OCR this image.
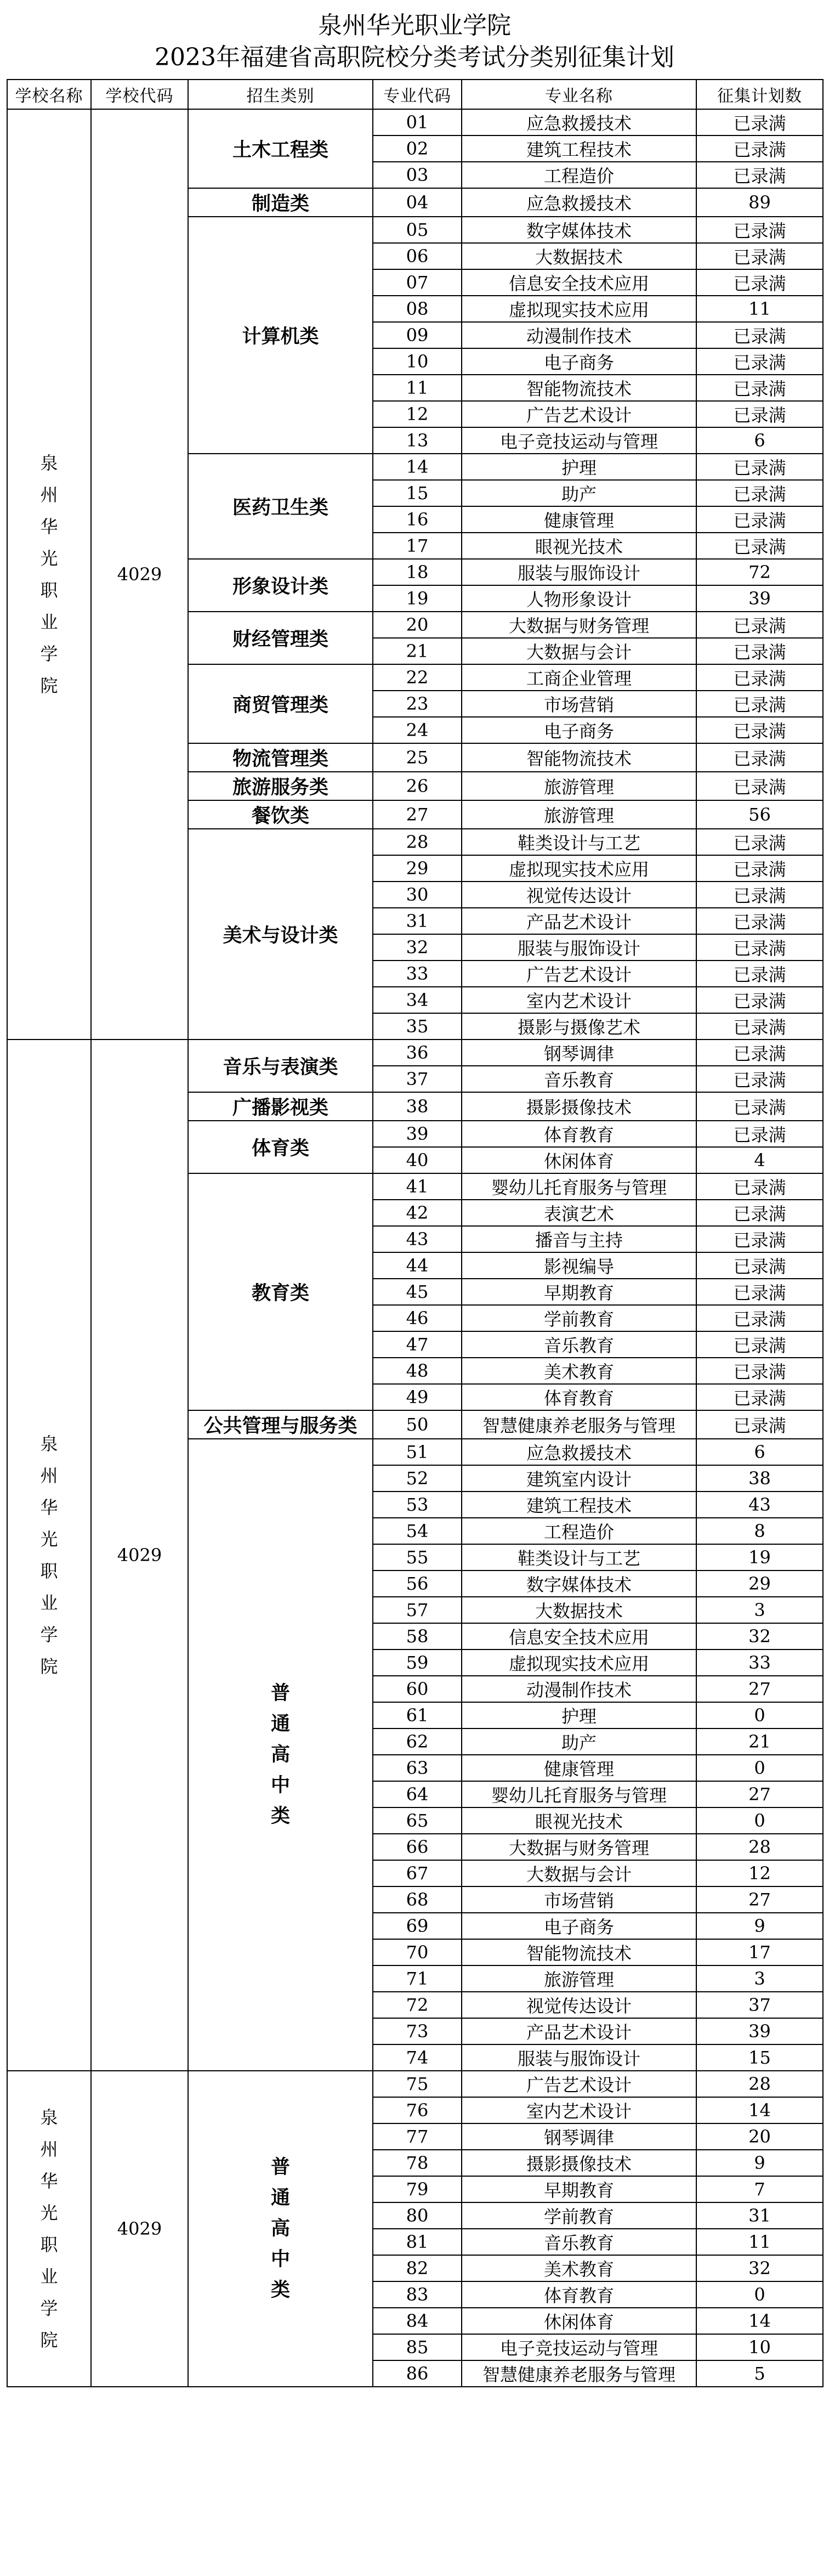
泉州华光职业学院
2023年福建省高职院校分类考试分类别征集计划
学校名称	学校代码	招生类别	专业代码	专业名称	征集计划数
泉州华光职业学院	4029	土木工程类	01	应急救援技术	已录满
			02	建筑工程技术	已录满
			03	工程造价	已录满
		制造类	04	应急救援技术	89
		计算机类	05	数字媒体技术	已录满
			06	大数据技术	已录满
			07	信息安全技术应用	已录满
			08	虚拟现实技术应用	11
			09	动漫制作技术	已录满
			10	电子商务	已录满
			11	智能物流技术	已录满
			12	广告艺术设计	已录满
			13	电子竞技运动与管理	6
		医药卫生类	14	护理	已录满
			15	助产	已录满
			16	健康管理	已录满
			17	眼视光技术	已录满
		形象设计类	18	服装与服饰设计	72
			19	人物形象设计	39
		财经管理类	20	大数据与财务管理	已录满
			21	大数据与会计	已录满
		商贸管理类	22	工商企业管理	已录满
			23	市场营销	已录满
			24	电子商务	已录满
		物流管理类	25	智能物流技术	已录满
		旅游服务类	26	旅游管理	已录满
		餐饮类	27	旅游管理	56
		美术与设计类	28	鞋类设计与工艺	已录满
			29	虚拟现实技术应用	已录满
			30	视觉传达设计	已录满
			31	产品艺术设计	已录满
			32	服装与服饰设计	已录满
			33	广告艺术设计	已录满
			34	室内艺术设计	已录满
			35	摄影与摄像艺术	已录满
泉州华光职业学院	4029	音乐与表演类	36	钢琴调律	已录满
			37	音乐教育	已录满
		广播影视类	38	摄影摄像技术	已录满
		体育类	39	体育教育	已录满
			40	休闲体育	4
		教育类	41	婴幼儿托育服务与管理	已录满
			42	表演艺术	已录满
			43	播音与主持	已录满
			44	影视编导	已录满
			45	早期教育	已录满
			46	学前教育	已录满
			47	音乐教育	已录满
			48	美术教育	已录满
			49	体育教育	已录满
		公共管理与服务类	50	智慧健康养老服务与管理	已录满
		普通高中类	51	应急救援技术	6
			52	建筑室内设计	38
			53	建筑工程技术	43
			54	工程造价	8
			55	鞋类设计与工艺	19
			56	数字媒体技术	29
			57	大数据技术	3
			58	信息安全技术应用	32
			59	虚拟现实技术应用	33
			60	动漫制作技术	27
			61	护理	0
			62	助产	21
			63	健康管理	0
			64	婴幼儿托育服务与管理	27
			65	眼视光技术	0
			66	大数据与财务管理	28
			67	大数据与会计	12
			68	市场营销	27
			69	电子商务	9
			70	智能物流技术	17
			71	旅游管理	3
			72	视觉传达设计	37
			73	产品艺术设计	39
			74	服装与服饰设计	15
泉州华光职业学院	4029	普通高中类	75	广告艺术设计	28
			76	室内艺术设计	14
			77	钢琴调律	20
			78	摄影摄像技术	9
			79	早期教育	7
			80	学前教育	31
			81	音乐教育	11
			82	美术教育	32
			83	体育教育	0
			84	休闲体育	14
			85	电子竞技运动与管理	10
			86	智慧健康养老服务与管理	5
